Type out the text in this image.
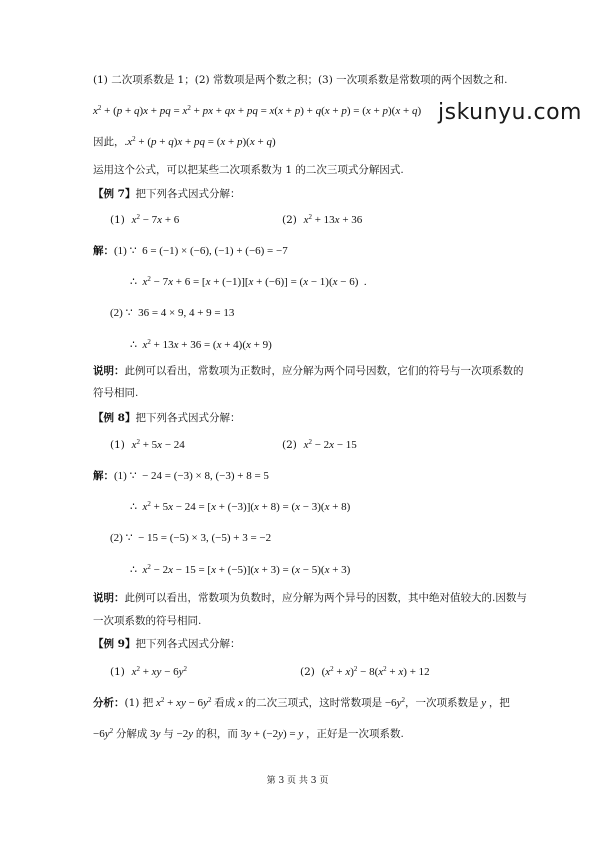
jskunyu.com
(1) 二次项系数是 1；(2) 常数项是两个数之积；(3) 一次项系数是常数项的两个因数之和.
$x^2 + (p + q)x$ + pq = $x^2$ + px + qx + pq = x(x + p) + q(x + p) = (x + p)(x + q)
因此，$.x^2 + (p + q)x$ + pq = (x + p)(x + q)
运用这个公式，可以把某些二次项系数为 1 的二次三项式分解因式.
【例 7】把下列各式因式分解：
(1) $x^2 - 7x + 6$	(2) $x^2 + 13x + 36$
解：(1) ∵  6 = (−1) × (−6), (−1) + (−6) = −7
∴  $x^2 - 7x + 6 = [x + (-1)][x + (-6)] = (x - 1)(x - 6)$  .
(2) ∵  36 = 4 × 9, 4 + 9 = 13
∴  $x^2 + 13x + 36 = (x + 4)(x + 9)$
说明：此例可以看出，常数项为正数时，应分解为两个同号因数，它们的符号与一次项系数的
符号相同.
【例 8】把下列各式因式分解：
(1) $x^2 + 5x - 24$	(2) $x^2 - 2x - 15$
解：(1) ∵  − 24 = (−3) × 8, (−3) + 8 = 5
∴  $x^2 + 5x - 24 = [x + (-3)](x + 8) = (x - 3)(x + 8)$
(2) ∵  − 15 = (−5) × 3, (−5) + 3 = −2
∴  $x^2 - 2x - 15 = [x + (-5)](x + 3) = (x - 5)(x + 3)$
说明：此例可以看出，常数项为负数时，应分解为两个异号的因数，其中绝对值较大的.因数与
一次项系数的符号相同.
【例 9】把下列各式因式分解：
(1) $x^2$ + xy − $6y^2$	(2) $(x^2 + x)^2 - 8(x^2 + x) + 12$
分析：(1) 把 $x^2$ + xy − $6y^2$ 看成 x 的二次三项式，这时常数项是 $-6y^2$，一次项系数是 y ，把
$-6y^2$ 分解成 3y 与 −2y 的积，而 3y + (−2y) = y ，正好是一次项系数.
第 3 页 共 3 页
